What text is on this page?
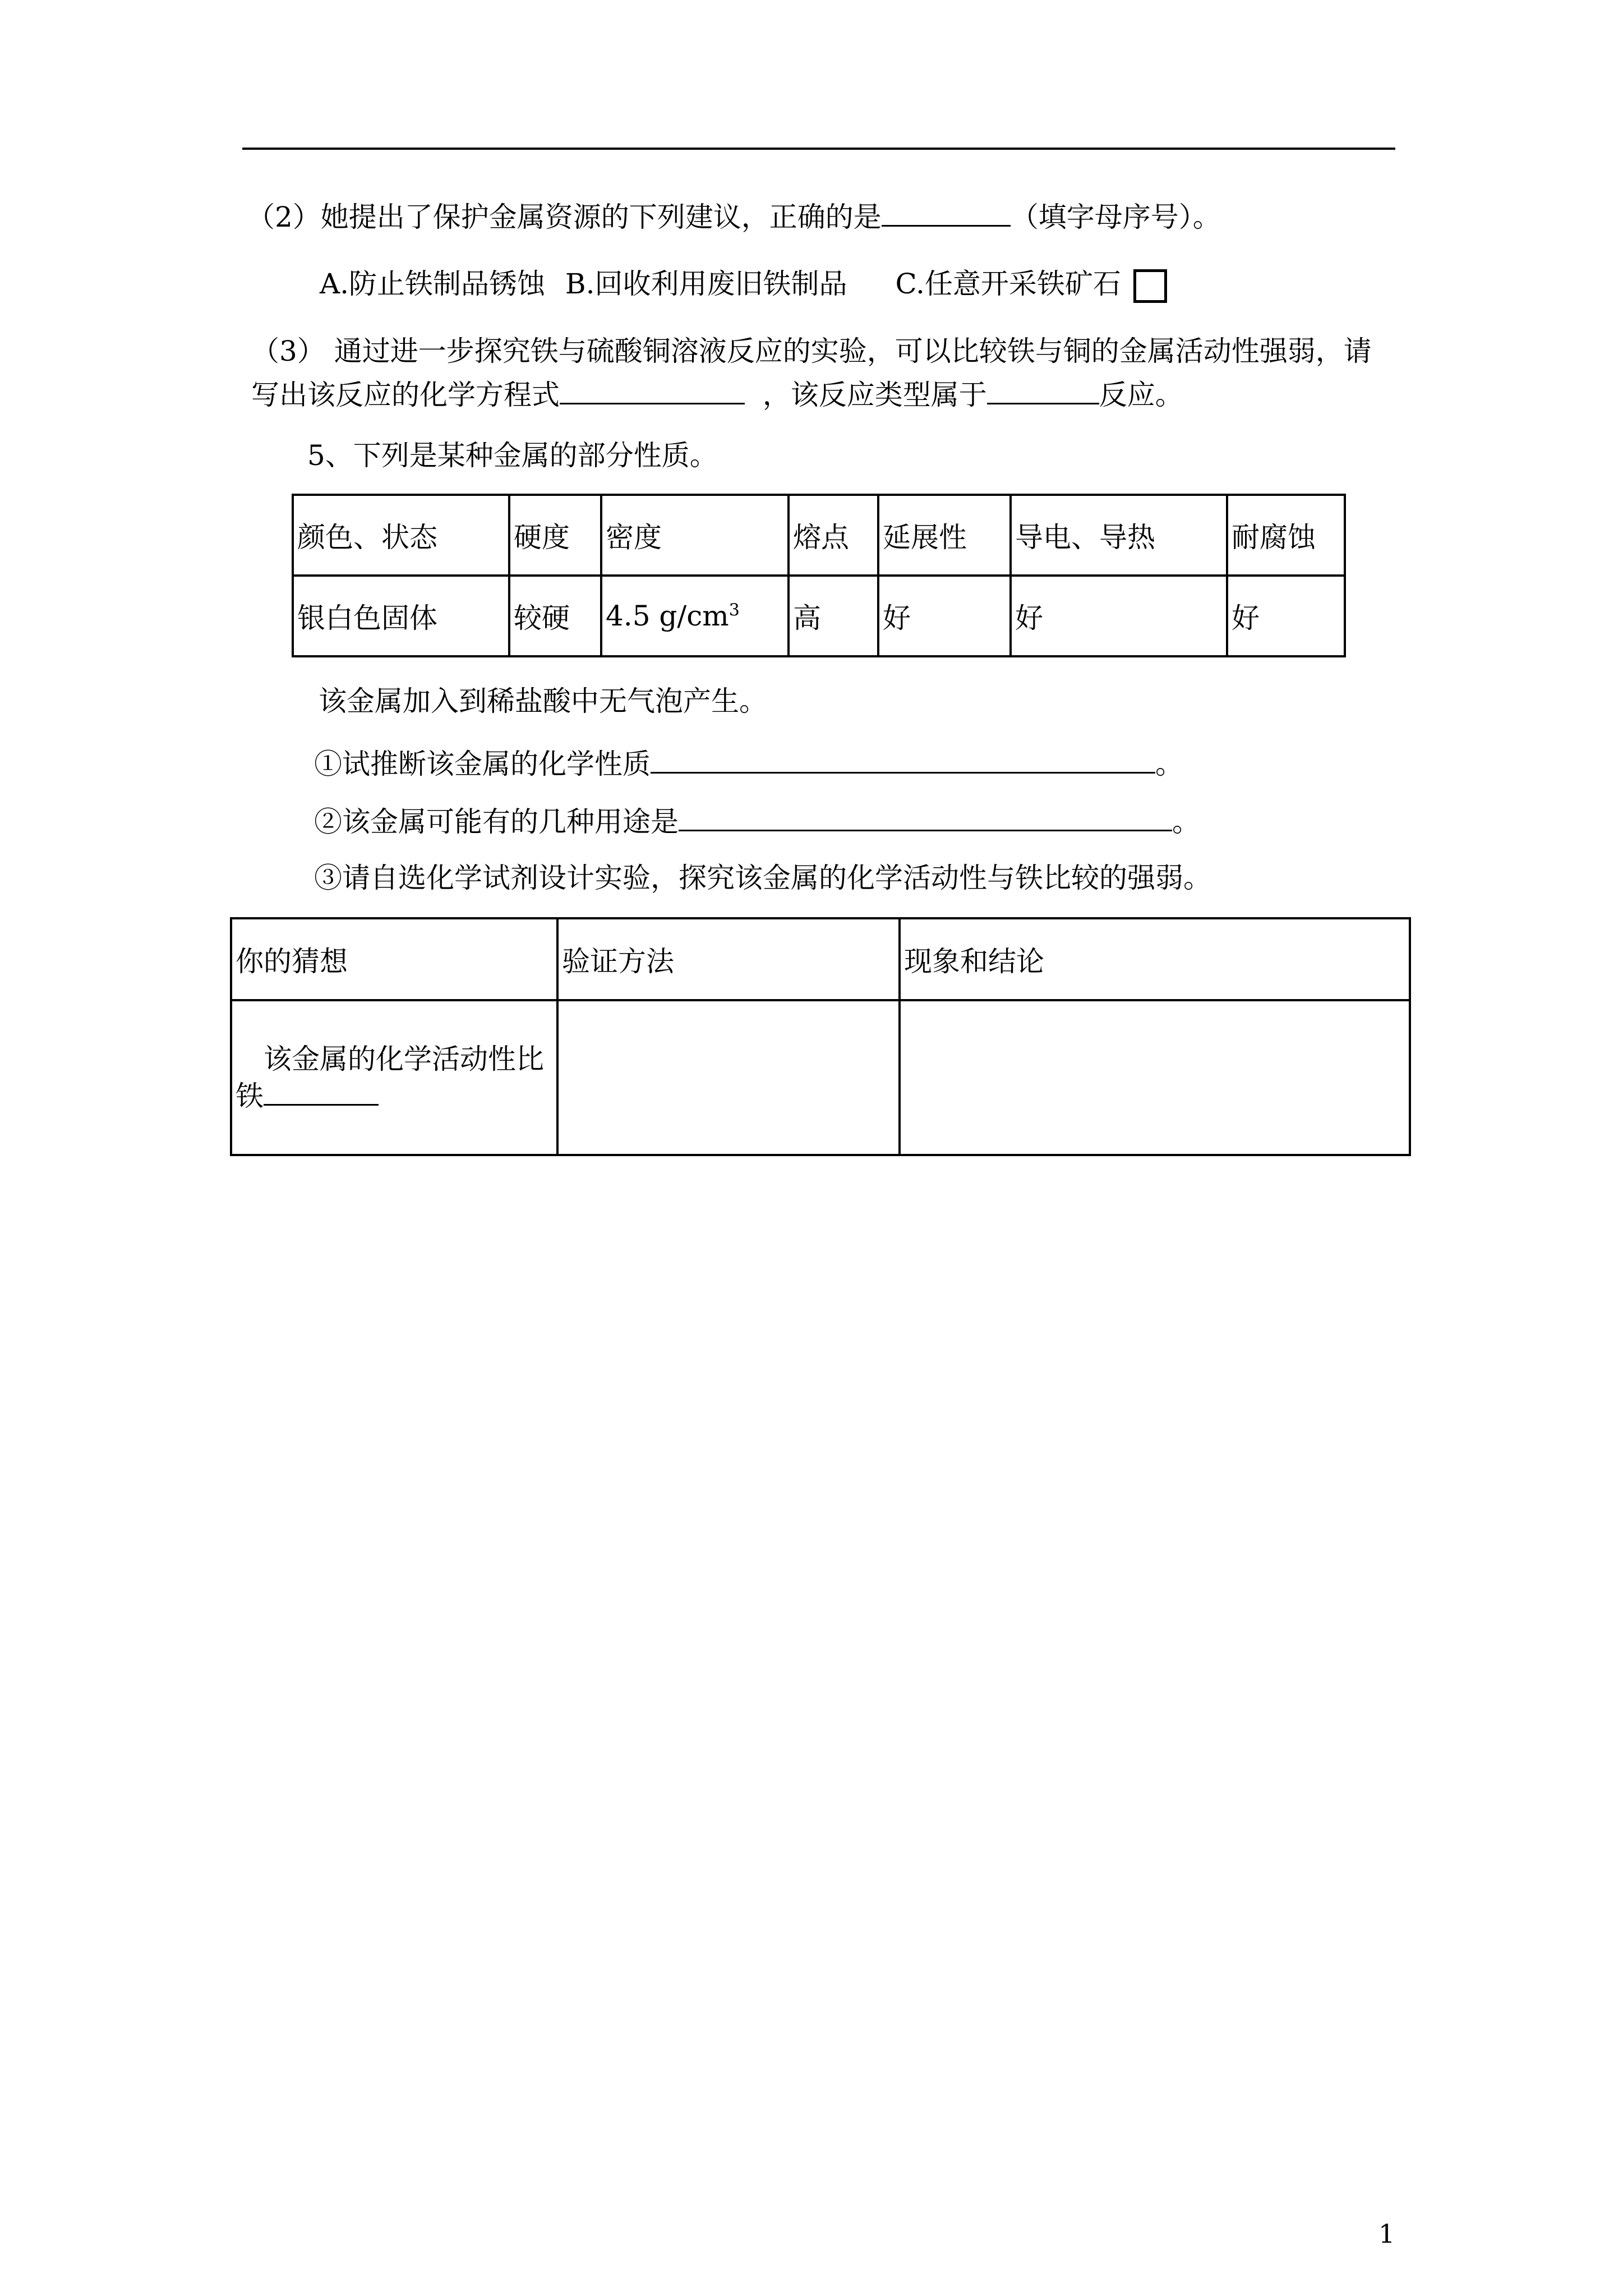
（2）她提出了保护金属资源的下列建议，正确的是	（填字母序号）。
A.防止铁制品锈蚀 B.回收利用废旧铁制品 C.任意开采铁矿石
（3） 通过进一步探究铁与硫酸铜溶液反应的实验，可以比较铁与铜的金属活动性强弱，请
写出该反应的化学方程式	，该反应类型属于	反应。
5、下列是某种金属的部分性质。
颜色、状态	硬度	密度	熔点	延展性	导电、导热	耐腐蚀
银白色固体	较硬	4.5 $g/cm^3$	高	好	好	好
该金属加入到稀盐酸中无气泡产生。
①试推断该金属的化学性质	。
②该金属可能有的几种用途是	。
③请自选化学试剂设计实验，探究该金属的化学活动性与铁比较的强弱。
你的猜想	验证方法	现象和结论

该金属的化学活动性比
铁		

1
